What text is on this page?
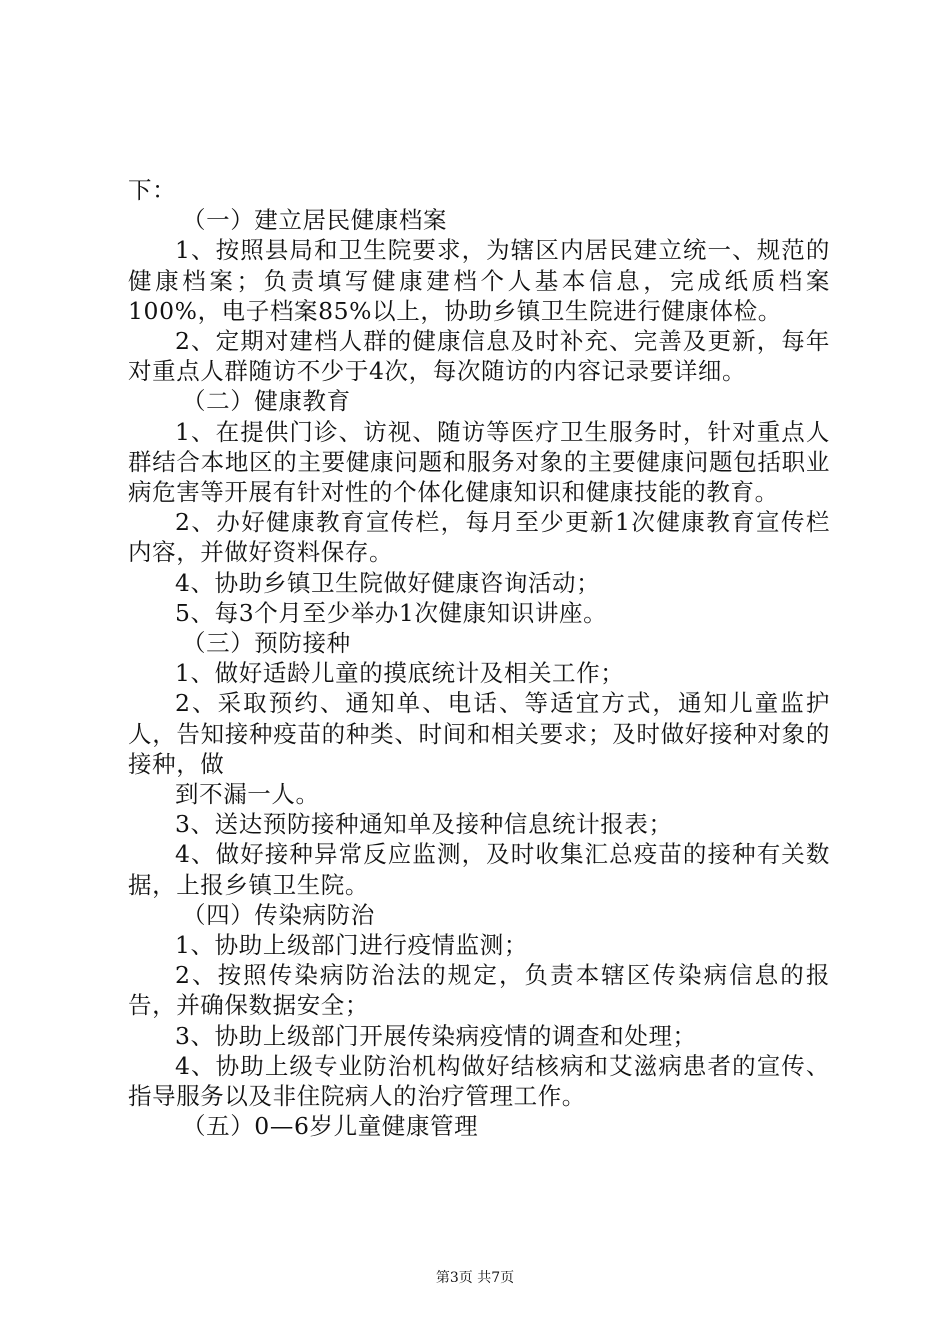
下：

（一）建立居民健康档案

1、按照县局和卫生院要求，为辖区内居民建立统一、规范的健康档案；负责填写健康建档个人基本信息，完成纸质档案100%，电子档案85%以上，协助乡镇卫生院进行健康体检。

2、定期对建档人群的健康信息及时补充、完善及更新，每年对重点人群随访不少于4次，每次随访的内容记录要详细。

（二）健康教育

1、在提供门诊、访视、随访等医疗卫生服务时，针对重点人群结合本地区的主要健康问题和服务对象的主要健康问题包括职业病危害等开展有针对性的个体化健康知识和健康技能的教育。

2、办好健康教育宣传栏，每月至少更新1次健康教育宣传栏内容，并做好资料保存。

4、协助乡镇卫生院做好健康咨询活动；

5、每3个月至少举办1次健康知识讲座。

（三）预防接种

1、做好适龄儿童的摸底统计及相关工作；

2、采取预约、通知单、电话、等适宜方式，通知儿童监护人，告知接种疫苗的种类、时间和相关要求；及时做好接种对象的接种，做

到不漏一人。

3、送达预防接种通知单及接种信息统计报表；

4、做好接种异常反应监测，及时收集汇总疫苗的接种有关数据，上报乡镇卫生院。

（四）传染病防治

1、协助上级部门进行疫情监测；

2、按照传染病防治法的规定，负责本辖区传染病信息的报告，并确保数据安全；

3、协助上级部门开展传染病疫情的调查和处理；

4、协助上级专业防治机构做好结核病和艾滋病患者的宣传、指导服务以及非住院病人的治疗管理工作。

（五）0—6岁儿童健康管理

第3页 共7页
